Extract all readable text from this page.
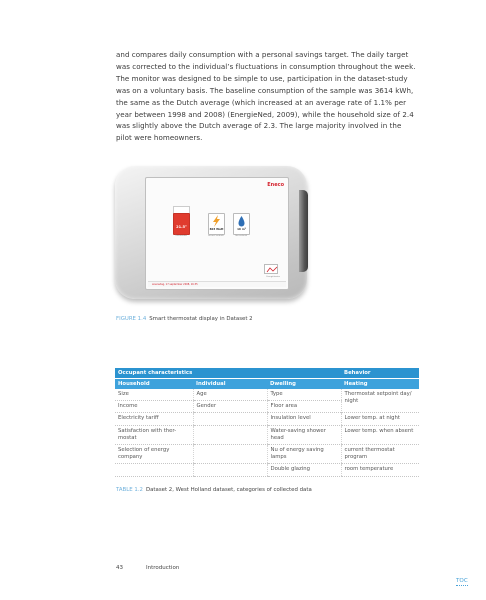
and compares daily consumption with a personal savings target. The daily target was corrected to the individual’s fluctuations in consumption throughout the week. The monitor was designed to be simple to use, participation in the dataset-study was on a voluntary basis. The baseline consumption of the sample was 3614 kWh, the same as the Dutch average (which increased at an average rate of 1.1% per year between 1998 and 2008) (EnergieNed, 2009), while the household size of 2.4 was slightly above the Dutch average of 2.3. The large majority involved in the pilot were homeowners.

Eneco
21.5°
Thermostaat
803 Watt
actueel verbruik
16 m³
Gas verbruik
Energiekosten
woensdag, 17 september 2008, 16:35
FIGURE 1.4 Smart thermostat display in Dataset 2
Occupant characteristics			Behavior
Household	Individual	Dwelling	Heating
Size	Age	Type	Thermostat setpoint day/ night
Income	Gender	Floor area	
Electricity tariff		Insulation level	Lower temp. at night
Satisfaction with ther- mostat		Water-saving shower head	Lower temp. when absent
Selection of energy company		Nu of energy saving lamps	current thermostat program
		Double glazing	room temperature
TABLE 1.2 Dataset 2, West Holland dataset, categories of collected data
43	Introduction
TOC
